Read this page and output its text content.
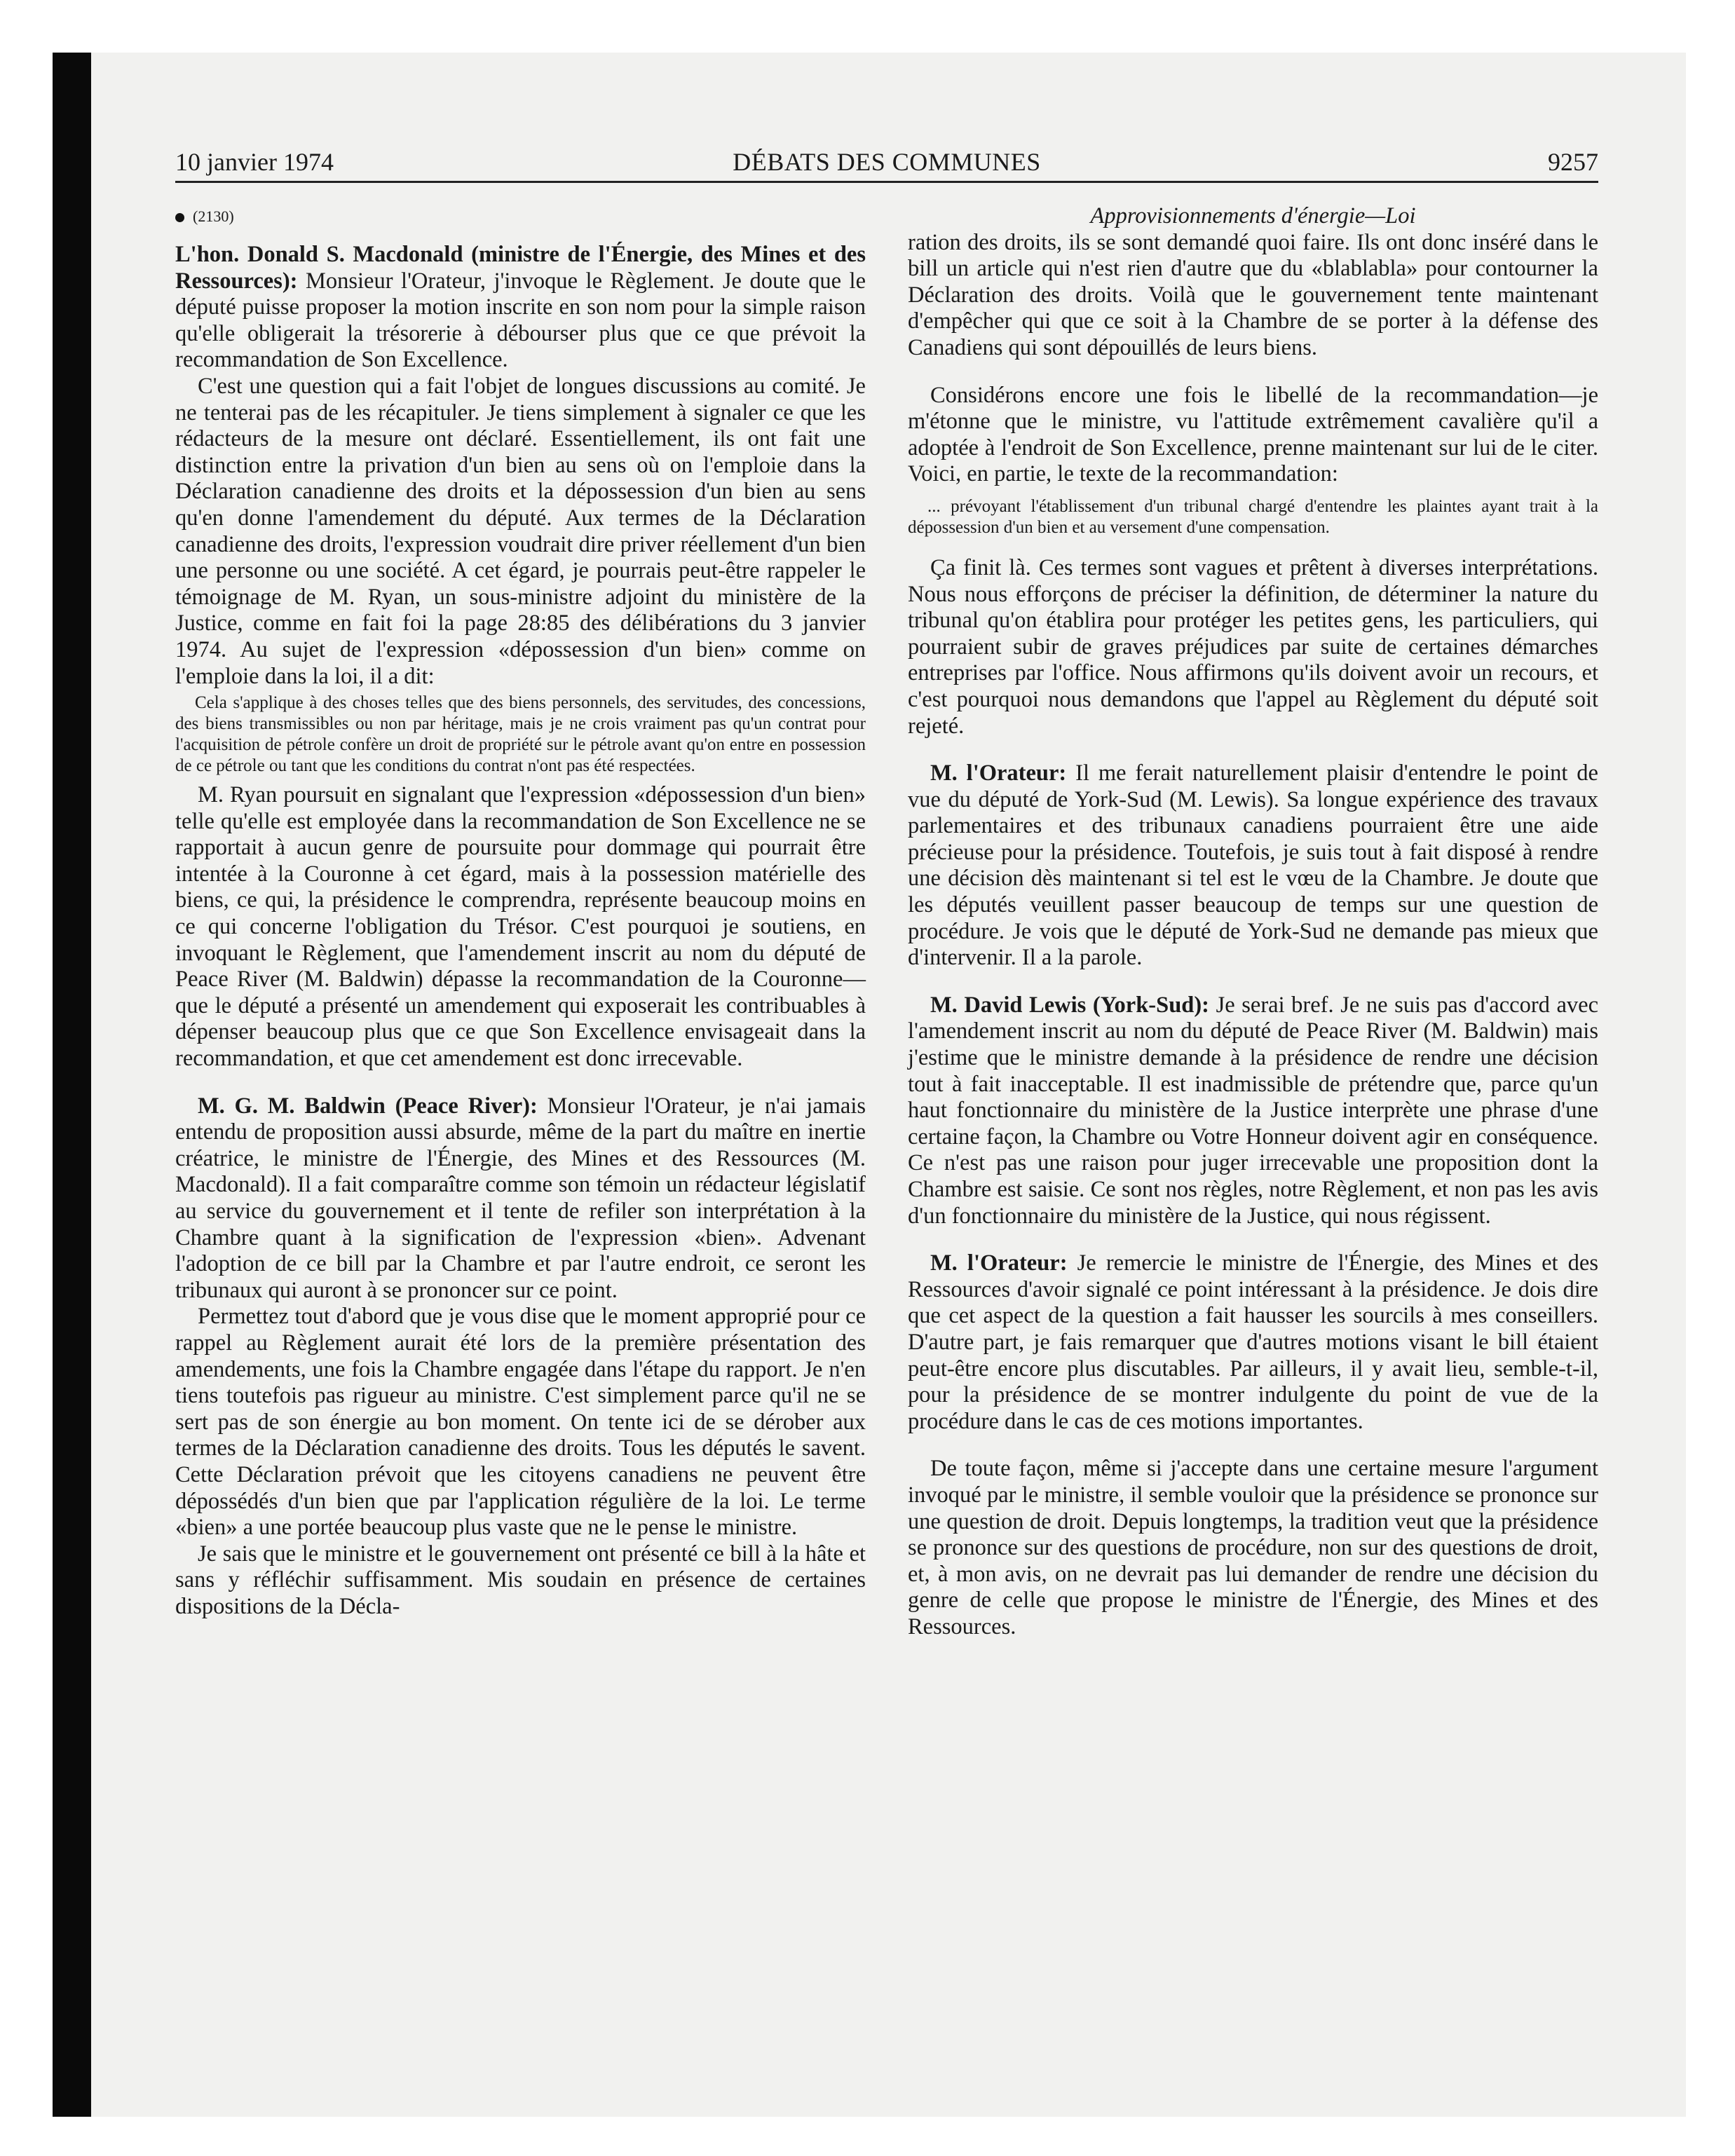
10 janvier 1974	DÉBATS DES COMMUNES	9257
(2130)

L'hon. Donald S. Macdonald (ministre de l'Énergie, des Mines et des Ressources): Monsieur l'Orateur, j'invoque le Règlement. Je doute que le député puisse proposer la motion inscrite en son nom pour la simple raison qu'elle obligerait la trésorerie à débourser plus que ce que prévoit la recommandation de Son Excellence.

C'est une question qui a fait l'objet de longues discussions au comité. Je ne tenterai pas de les récapituler. Je tiens simplement à signaler ce que les rédacteurs de la mesure ont déclaré. Essentiellement, ils ont fait une distinction entre la privation d'un bien au sens où on l'emploie dans la Déclaration canadienne des droits et la dépossession d'un bien au sens qu'en donne l'amendement du député. Aux termes de la Déclaration canadienne des droits, l'expression voudrait dire priver réellement d'un bien une personne ou une société. A cet égard, je pourrais peut-être rappeler le témoignage de M. Ryan, un sous-ministre adjoint du ministère de la Justice, comme en fait foi la page 28:85 des délibérations du 3 janvier 1974. Au sujet de l'expression «dépossession d'un bien» comme on l'emploie dans la loi, il a dit:

Cela s'applique à des choses telles que des biens personnels, des servitudes, des concessions, des biens transmissibles ou non par héritage, mais je ne crois vraiment pas qu'un contrat pour l'acquisition de pétrole confère un droit de propriété sur le pétrole avant qu'on entre en possession de ce pétrole ou tant que les conditions du contrat n'ont pas été respectées.

M. Ryan poursuit en signalant que l'expression «dépossession d'un bien» telle qu'elle est employée dans la recommandation de Son Excellence ne se rapportait à aucun genre de poursuite pour dommage qui pourrait être intentée à la Couronne à cet égard, mais à la possession matérielle des biens, ce qui, la présidence le comprendra, représente beaucoup moins en ce qui concerne l'obligation du Trésor. C'est pourquoi je soutiens, en invoquant le Règlement, que l'amendement inscrit au nom du député de Peace River (M. Baldwin) dépasse la recommandation de la Couronne—que le député a présenté un amendement qui exposerait les contribuables à dépenser beaucoup plus que ce que Son Excellence envisageait dans la recommandation, et que cet amendement est donc irrecevable.

M. G. M. Baldwin (Peace River): Monsieur l'Orateur, je n'ai jamais entendu de proposition aussi absurde, même de la part du maître en inertie créatrice, le ministre de l'Énergie, des Mines et des Ressources (M. Macdonald). Il a fait comparaître comme son témoin un rédacteur législatif au service du gouvernement et il tente de refiler son interprétation à la Chambre quant à la signification de l'expression «bien». Advenant l'adoption de ce bill par la Chambre et par l'autre endroit, ce seront les tribunaux qui auront à se prononcer sur ce point.

Permettez tout d'abord que je vous dise que le moment approprié pour ce rappel au Règlement aurait été lors de la première présentation des amendements, une fois la Chambre engagée dans l'étape du rapport. Je n'en tiens toutefois pas rigueur au ministre. C'est simplement parce qu'il ne se sert pas de son énergie au bon moment. On tente ici de se dérober aux termes de la Déclaration canadienne des droits. Tous les députés le savent. Cette Déclaration prévoit que les citoyens canadiens ne peuvent être dépossédés d'un bien que par l'application régulière de la loi. Le terme «bien» a une portée beaucoup plus vaste que ne le pense le ministre.

Je sais que le ministre et le gouvernement ont présenté ce bill à la hâte et sans y réfléchir suffisamment. Mis soudain en présence de certaines dispositions de la Décla-

Approvisionnements d'énergie—Loi

ration des droits, ils se sont demandé quoi faire. Ils ont donc inséré dans le bill un article qui n'est rien d'autre que du «blablabla» pour contourner la Déclaration des droits. Voilà que le gouvernement tente maintenant d'empêcher qui que ce soit à la Chambre de se porter à la défense des Canadiens qui sont dépouillés de leurs biens.

Considérons encore une fois le libellé de la recommandation—je m'étonne que le ministre, vu l'attitude extrêmement cavalière qu'il a adoptée à l'endroit de Son Excellence, prenne maintenant sur lui de le citer. Voici, en partie, le texte de la recommandation:

... prévoyant l'établissement d'un tribunal chargé d'entendre les plaintes ayant trait à la dépossession d'un bien et au versement d'une compensation.

Ça finit là. Ces termes sont vagues et prêtent à diverses interprétations. Nous nous efforçons de préciser la définition, de déterminer la nature du tribunal qu'on établira pour protéger les petites gens, les particuliers, qui pourraient subir de graves préjudices par suite de certaines démarches entreprises par l'office. Nous affirmons qu'ils doivent avoir un recours, et c'est pourquoi nous demandons que l'appel au Règlement du député soit rejeté.

M. l'Orateur: Il me ferait naturellement plaisir d'entendre le point de vue du député de York-Sud (M. Lewis). Sa longue expérience des travaux parlementaires et des tribunaux canadiens pourraient être une aide précieuse pour la présidence. Toutefois, je suis tout à fait disposé à rendre une décision dès maintenant si tel est le vœu de la Chambre. Je doute que les députés veuillent passer beaucoup de temps sur une question de procédure. Je vois que le député de York-Sud ne demande pas mieux que d'intervenir. Il a la parole.

M. David Lewis (York-Sud): Je serai bref. Je ne suis pas d'accord avec l'amendement inscrit au nom du député de Peace River (M. Baldwin) mais j'estime que le ministre demande à la présidence de rendre une décision tout à fait inacceptable. Il est inadmissible de prétendre que, parce qu'un haut fonctionnaire du ministère de la Justice interprète une phrase d'une certaine façon, la Chambre ou Votre Honneur doivent agir en conséquence. Ce n'est pas une raison pour juger irrecevable une proposition dont la Chambre est saisie. Ce sont nos règles, notre Règlement, et non pas les avis d'un fonctionnaire du ministère de la Justice, qui nous régissent.

M. l'Orateur: Je remercie le ministre de l'Énergie, des Mines et des Ressources d'avoir signalé ce point intéressant à la présidence. Je dois dire que cet aspect de la question a fait hausser les sourcils à mes conseillers. D'autre part, je fais remarquer que d'autres motions visant le bill étaient peut-être encore plus discutables. Par ailleurs, il y avait lieu, semble-t-il, pour la présidence de se montrer indulgente du point de vue de la procédure dans le cas de ces motions importantes.

De toute façon, même si j'accepte dans une certaine mesure l'argument invoqué par le ministre, il semble vouloir que la présidence se prononce sur une question de droit. Depuis longtemps, la tradition veut que la présidence se prononce sur des questions de procédure, non sur des questions de droit, et, à mon avis, on ne devrait pas lui demander de rendre une décision du genre de celle que propose le ministre de l'Énergie, des Mines et des Ressources.
